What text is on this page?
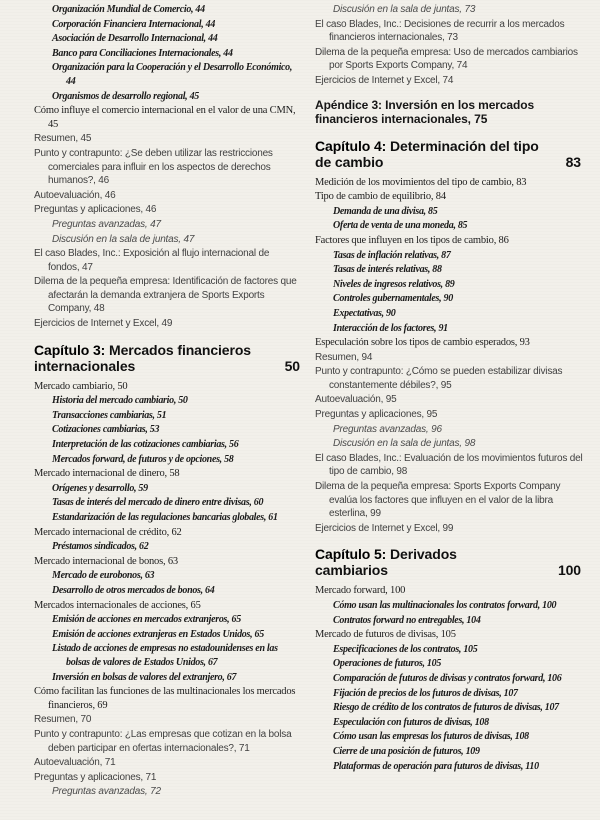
Organización Mundial de Comercio, 44
Corporación Financiera Internacional, 44
Asociación de Desarrollo Internacional, 44
Banco para Conciliaciones Internacionales, 44
Organización para la Cooperación y el Desarrollo Económico, 44
Organismos de desarrollo regional, 45
Cómo influye el comercio internacional en el valor de una CMN, 45
Resumen, 45
Punto y contrapunto: ¿Se deben utilizar las restricciones comerciales para influir en los aspectos de derechos humanos?, 46
Autoevaluación, 46
Preguntas y aplicaciones, 46
Preguntas avanzadas, 47
Discusión en la sala de juntas, 47
El caso Blades, Inc.: Exposición al flujo internacional de fondos, 47
Dilema de la pequeña empresa: Identificación de factores que afectarán la demanda extranjera de Sports Exports Company, 48
Ejercicios de Internet y Excel, 49
Capítulo 3: Mercados financieros
internacionales	50
Mercado cambiario, 50
Historia del mercado cambiario, 50
Transacciones cambiarias, 51
Cotizaciones cambiarias, 53
Interpretación de las cotizaciones cambiarias, 56
Mercados forward, de futuros y de opciones, 58
Mercado internacional de dinero, 58
Orígenes y desarrollo, 59
Tasas de interés del mercado de dinero entre divisas, 60
Estandarización de las regulaciones bancarias globales, 61
Mercado internacional de crédito, 62
Préstamos sindicados, 62
Mercado internacional de bonos, 63
Mercado de eurobonos, 63
Desarrollo de otros mercados de bonos, 64
Mercados internacionales de acciones, 65
Emisión de acciones en mercados extranjeros, 65
Emisión de acciones extranjeras en Estados Unidos, 65
Listado de acciones de empresas no estadounidenses en las bolsas de valores de Estados Unidos, 67
Inversión en bolsas de valores del extranjero, 67
Cómo facilitan las funciones de las multinacionales los mercados financieros, 69
Resumen, 70
Punto y contrapunto: ¿Las empresas que cotizan en la bolsa deben participar en ofertas internacionales?, 71
Autoevaluación, 71
Preguntas y aplicaciones, 71
Preguntas avanzadas, 72
Discusión en la sala de juntas, 73
El caso Blades, Inc.: Decisiones de recurrir a los mercados financieros internacionales, 73
Dilema de la pequeña empresa: Uso de mercados cambiarios por Sports Exports Company, 74
Ejercicios de Internet y Excel, 74
Apéndice 3: Inversión en los mercados
financieros internacionales, 75
Capítulo 4: Determinación del tipo
de cambio	83
Medición de los movimientos del tipo de cambio, 83
Tipo de cambio de equilibrio, 84
Demanda de una divisa, 85
Oferta de venta de una moneda, 85
Factores que influyen en los tipos de cambio, 86
Tasas de inflación relativas, 87
Tasas de interés relativas, 88
Niveles de ingresos relativos, 89
Controles gubernamentales, 90
Expectativas, 90
Interacción de los factores, 91
Especulación sobre los tipos de cambio esperados, 93
Resumen, 94
Punto y contrapunto: ¿Cómo se pueden estabilizar divisas constantemente débiles?, 95
Autoevaluación, 95
Preguntas y aplicaciones, 95
Preguntas avanzadas, 96
Discusión en la sala de juntas, 98
El caso Blades, Inc.: Evaluación de los movimientos futuros del tipo de cambio, 98
Dilema de la pequeña empresa: Sports Exports Company evalúa los factores que influyen en el valor de la libra esterlina, 99
Ejercicios de Internet y Excel, 99
Capítulo 5: Derivados
cambiarios	100
Mercado forward, 100
Cómo usan las multinacionales los contratos forward, 100
Contratos forward no entregables, 104
Mercado de futuros de divisas, 105
Especificaciones de los contratos, 105
Operaciones de futuros, 105
Comparación de futuros de divisas y contratos forward, 106
Fijación de precios de los futuros de divisas, 107
Riesgo de crédito de los contratos de futuros de divisas, 107
Especulación con futuros de divisas, 108
Cómo usan las empresas los futuros de divisas, 108
Cierre de una posición de futuros, 109
Plataformas de operación para futuros de divisas, 110
